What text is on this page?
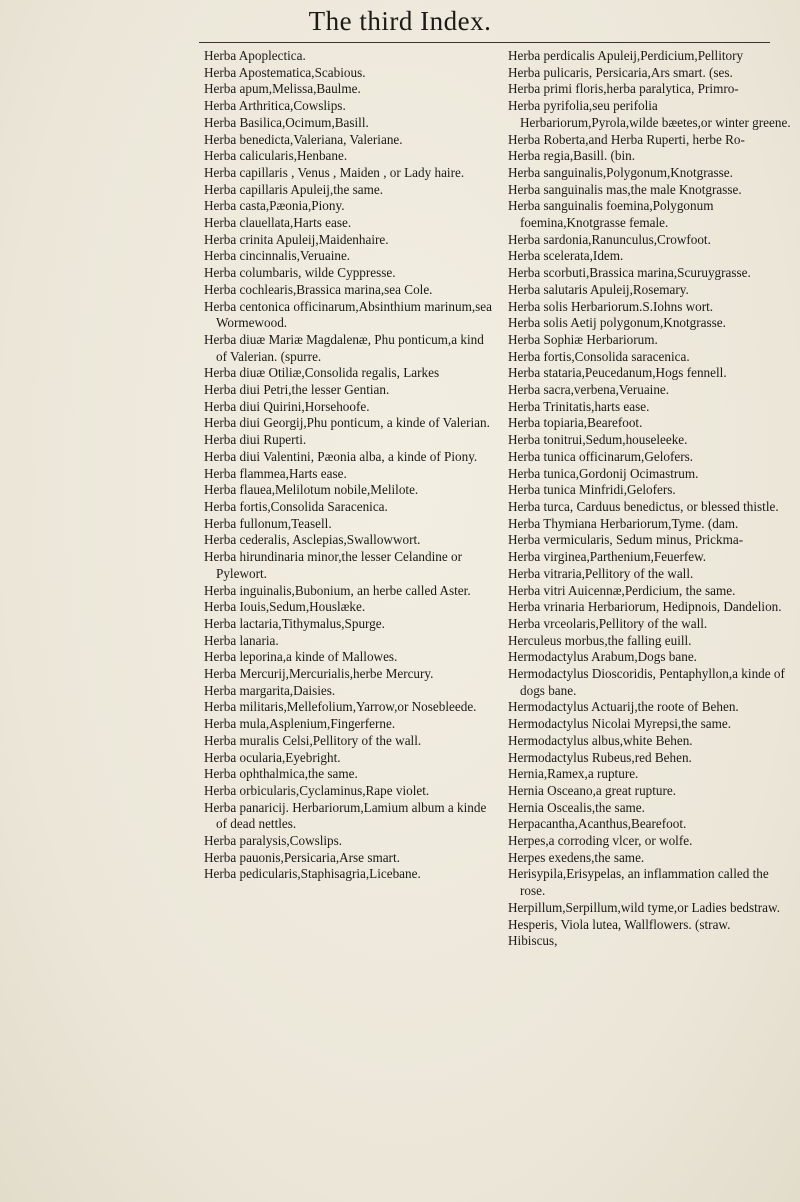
The third Index.
Herba Apoplectica.
Herba Apostematica,Scabious.
Herba apum,Melissa,Baulme.
Herba Arthritica,Cowslips.
Herba Basilica,Ocimum,Basill.
Herba benedicta,Valeriana, Valeriane.
Herba calicularis,Henbane.
Herba capillaris , Venus , Maiden , or Lady haire.
Herba capillaris Apuleij,the same.
Herba casta,Pæonia,Piony.
Herba clauellata,Harts ease.
Herba crinita Apuleij,Maidenhaire.
Herba cincinnalis,Veruaine.
Herba columbaris, wilde Cyppresse.
Herba cochlearis,Brassica marina,sea Cole.
Herba centonica officinarum,Absinthium marinum,sea Wormewood.
Herba diuæ Mariæ Magdalenæ, Phu ponticum,a kind of Valerian. (spurre.
Herba diuæ Otiliæ,Consolida regalis, Larkes
Herba diui Petri,the lesser Gentian.
Herba diui Quirini,Horsehoofe.
Herba diui Georgij,Phu ponticum, a kinde of Valerian.
Herba diui Ruperti.
Herba diui Valentini, Pæonia alba, a kinde of Piony.
Herba flammea,Harts ease.
Herba flauea,Melilotum nobile,Melilote.
Herba fortis,Consolida Saracenica.
Herba fullonum,Teasell.
Herba cederalis, Asclepias,Swallowwort.
Herba hirundinaria minor,the lesser Celandine or Pylewort.
Herba inguinalis,Bubonium, an herbe called Aster.
Herba Iouis,Sedum,Houslæke.
Herba lactaria,Tithymalus,Spurge.
Herba lanaria.
Herba leporina,a kinde of Mallowes.
Herba Mercurij,Mercurialis,herbe Mercury.
Herba margarita,Daisies.
Herba militaris,Mellefolium,Yarrow,or Nosebleede.
Herba mula,Asplenium,Fingerferne.
Herba muralis Celsi,Pellitory of the wall.
Herba ocularia,Eyebright.
Herba ophthalmica,the same.
Herba orbicularis,Cyclaminus,Rape violet.
Herba panaricij. Herbariorum,Lamium album a kinde of dead nettles.
Herba paralysis,Cowslips.
Herba pauonis,Persicaria,Arse smart.
Herba pedicularis,Staphisagria,Licebane.
Herba perdicalis Apuleij,Perdicium,Pellitory
Herba pulicaris, Persicaria,Ars smart. (ses.
Herba primi floris,herba paralytica, Primro-
Herba pyrifolia,seu perifolia Herbariorum,Pyrola,wilde bæetes,or winter greene.
Herba Roberta,and Herba Ruperti, herbe Ro-
Herba regia,Basill. (bin.
Herba sanguinalis,Polygonum,Knotgrasse.
Herba sanguinalis mas,the male Knotgrasse.
Herba sanguinalis foemina,Polygonum foemina,Knotgrasse female.
Herba sardonia,Ranunculus,Crowfoot.
Herba scelerata,Idem.
Herba scorbuti,Brassica marina,Scuruygrasse.
Herba salutaris Apuleij,Rosemary.
Herba solis Herbariorum.S.Iohns wort.
Herba solis Aetij polygonum,Knotgrasse.
Herba Sophiæ Herbariorum.
Herba fortis,Consolida saracenica.
Herba stataria,Peucedanum,Hogs fennell.
Herba sacra,verbena,Veruaine.
Herba Trinitatis,harts ease.
Herba topiaria,Bearefoot.
Herba tonitrui,Sedum,houseleeke.
Herba tunica officinarum,Gelofers.
Herba tunica,Gordonij Ocimastrum.
Herba tunica Minfridi,Gelofers.
Herba turca, Carduus benedictus, or blessed thistle.
Herba Thymiana Herbariorum,Tyme. (dam.
Herba vermicularis, Sedum minus, Prickma-
Herba virginea,Parthenium,Feuerfew.
Herba vitraria,Pellitory of the wall.
Herba vitri Auicennæ,Perdicium, the same.
Herba vrinaria Herbariorum, Hedipnois, Dandelion.
Herba vrceolaris,Pellitory of the wall.
Herculeus morbus,the falling euill.
Hermodactylus Arabum,Dogs bane.
Hermodactylus Dioscoridis, Pentaphyllon,a kinde of dogs bane.
Hermodactylus Actuarij,the roote of Behen.
Hermodactylus Nicolai Myrepsi,the same.
Hermodactylus albus,white Behen.
Hermodactylus Rubeus,red Behen.
Hernia,Ramex,a rupture.
Hernia Osceano,a great rupture.
Hernia Oscealis,the same.
Herpacantha,Acanthus,Bearefoot.
Herpes,a corroding vlcer, or wolfe.
Herpes exedens,the same.
Herisypila,Erisypelas, an inflammation called the rose.
Herpillum,Serpillum,wild tyme,or Ladies bedstraw.
Hesperis, Viola lutea, Wallflowers. (straw.
Hibiscus,
